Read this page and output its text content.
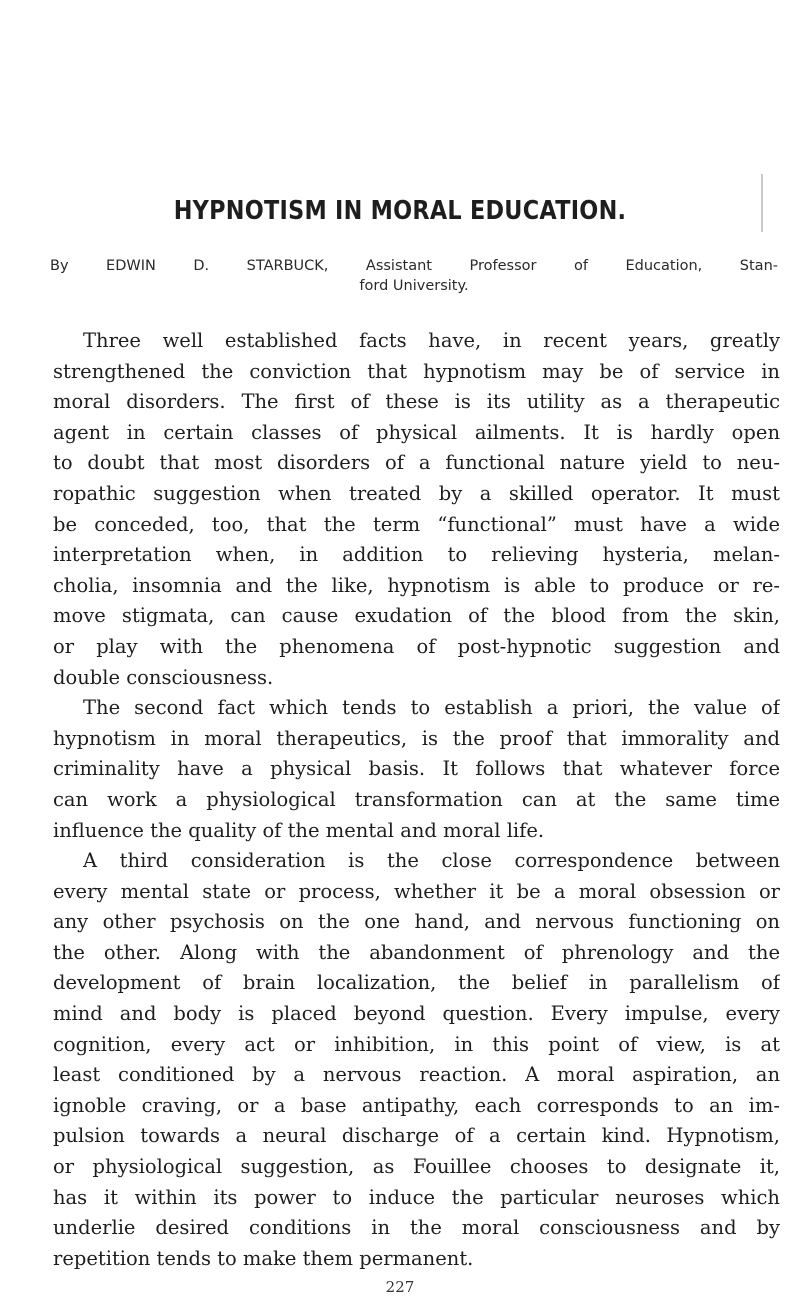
HYPNOTISM IN MORAL EDUCATION.
By EDWIN D. STARBUCK, Assistant Professor of Education, Stan-
ford University.
Three well established facts have, in recent years, greatly
strengthened the conviction that hypnotism may be of service in
moral disorders. The first of these is its utility as a therapeutic
agent in certain classes of physical ailments. It is hardly open
to doubt that most disorders of a functional nature yield to neu-
ropathic suggestion when treated by a skilled operator. It must
be conceded, too, that the term “functional” must have a wide
interpretation when, in addition to relieving hysteria, melan-
cholia, insomnia and the like, hypnotism is able to produce or re-
move stigmata, can cause exudation of the blood from the skin,
or play with the phenomena of post-hypnotic suggestion and
double consciousness.
The second fact which tends to establish a priori, the value of
hypnotism in moral therapeutics, is the proof that immorality and
criminality have a physical basis. It follows that whatever force
can work a physiological transformation can at the same time
influence the quality of the mental and moral life.
A third consideration is the close correspondence between
every mental state or process, whether it be a moral obsession or
any other psychosis on the one hand, and nervous functioning on
the other. Along with the abandonment of phrenology and the
development of brain localization, the belief in parallelism of
mind and body is placed beyond question. Every impulse, every
cognition, every act or inhibition, in this point of view, is at
least conditioned by a nervous reaction. A moral aspiration, an
ignoble craving, or a base antipathy, each corresponds to an im-
pulsion towards a neural discharge of a certain kind. Hypnotism,
or physiological suggestion, as Fouillee chooses to designate it,
has it within its power to induce the particular neuroses which
underlie desired conditions in the moral consciousness and by
repetition tends to make them permanent.
227
